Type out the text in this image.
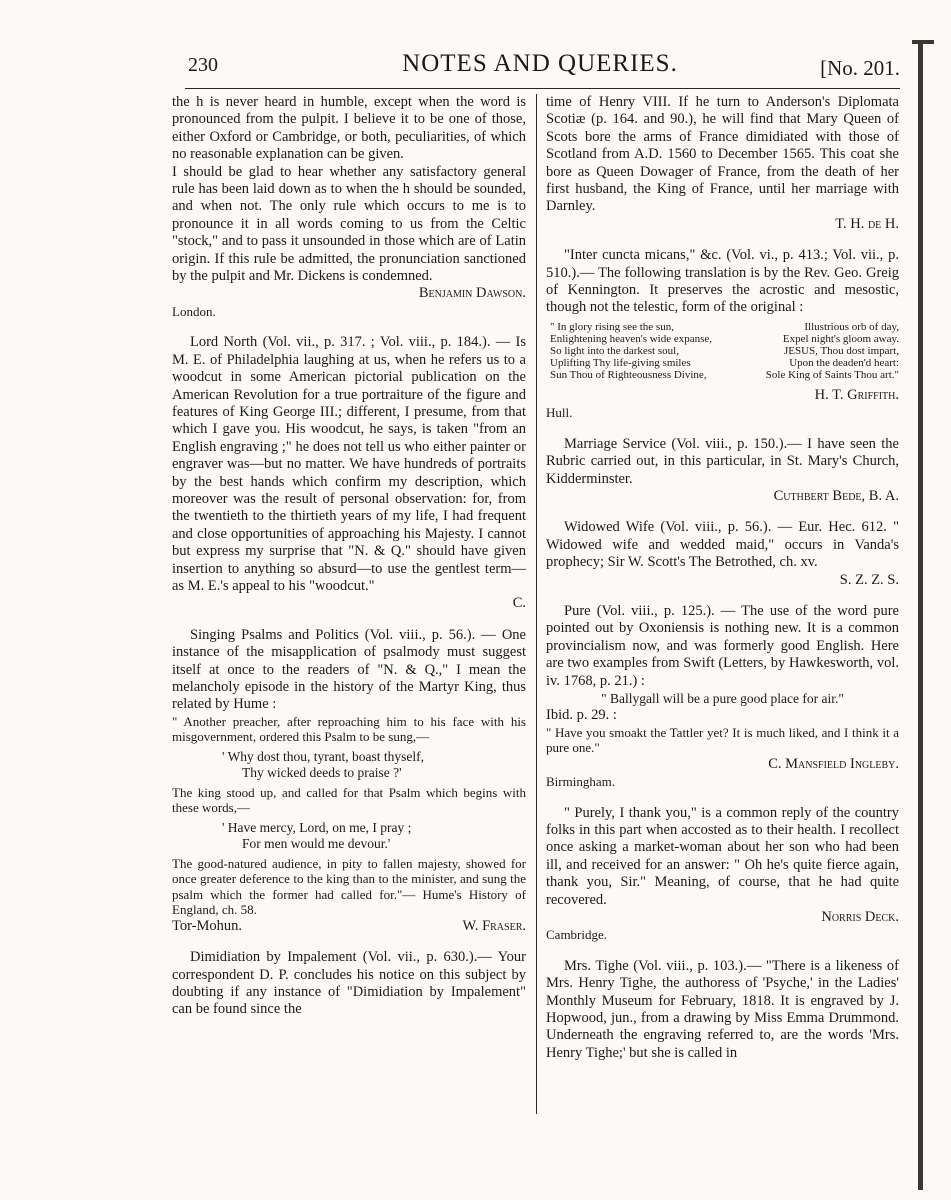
230	NOTES AND QUERIES.	[No. 201.

the h is never heard in humble, except when the word is pronounced from the pulpit. I believe it to be one of those, either Oxford or Cambridge, or both, peculiarities, of which no reasonable explanation can be given.

I should be glad to hear whether any satisfactory general rule has been laid down as to when the h should be sounded, and when not. The only rule which occurs to me is to pronounce it in all words coming to us from the Celtic "stock," and to pass it unsounded in those which are of Latin origin. If this rule be admitted, the pronunciation sanctioned by the pulpit and Mr. Dickens is condemned.

Benjamin Dawson.

London.

Lord North (Vol. vii., p. 317. ; Vol. viii., p. 184.). — Is M. E. of Philadelphia laughing at us, when he refers us to a woodcut in some American pictorial publication on the American Revolution for a true portraiture of the figure and features of King George III.; different, I presume, from that which I gave you. His woodcut, he says, is taken "from an English engraving ;" he does not tell us who either painter or engraver was—but no matter. We have hundreds of portraits by the best hands which confirm my description, which moreover was the result of personal observation: for, from the twentieth to the thirtieth years of my life, I had frequent and close opportunities of approaching his Majesty. I cannot but express my surprise that "N. & Q." should have given insertion to anything so absurd—to use the gentlest term—as M. E.'s appeal to his "woodcut."

C.

Singing Psalms and Politics (Vol. viii., p. 56.). — One instance of the misapplication of psalmody must suggest itself at once to the readers of "N. & Q.," I mean the melancholy episode in the history of the Martyr King, thus related by Hume :

" Another preacher, after reproaching him to his face with his misgovernment, ordered this Psalm to be sung,—

' Why dost thou, tyrant, boast thyself,
Thy wicked deeds to praise ?'

The king stood up, and called for that Psalm which begins with these words,—

' Have mercy, Lord, on me, I pray ;
For men would me devour.'

The good-natured audience, in pity to fallen majesty, showed for once greater deference to the king than to the minister, and sung the psalm which the former had called for."— Hume's History of England, ch. 58.

Tor-Mohun.	W. Fraser.

Dimidiation by Impalement (Vol. vii., p. 630.).— Your correspondent D. P. concludes his notice on this subject by doubting if any instance of "Dimidiation by Impalement" can be found since the

time of Henry VIII. If he turn to Anderson's Diplomata Scotiæ (p. 164. and 90.), he will find that Mary Queen of Scots bore the arms of France dimidiated with those of Scotland from A.D. 1560 to December 1565. This coat she bore as Queen Dowager of France, from the death of her first husband, the King of France, until her marriage with Darnley.

T. H. de H.

"Inter cuncta micans," &c. (Vol. vi., p. 413.; Vol. vii., p. 510.).— The following translation is by the Rev. Geo. Greig of Kennington. It preserves the acrostic and mesostic, though not the telestic, form of the original :

" In glory rising see the sun,	Illustrious orb of day,
Enlightening heaven's wide expanse,	Expel night's gloom away.
So light into the darkest soul,	JESUS, Thou dost impart,
Uplifting Thy life-giving smiles	Upon the deaden'd heart:
Sun Thou of Righteousness Divine,	Sole King of Saints Thou art."

H. T. Griffith.

Hull.

Marriage Service (Vol. viii., p. 150.).— I have seen the Rubric carried out, in this particular, in St. Mary's Church, Kidderminster.

Cuthbert Bede, B. A.

Widowed Wife (Vol. viii., p. 56.). — Eur. Hec. 612. " Widowed wife and wedded maid," occurs in Vanda's prophecy; Sir W. Scott's The Betrothed, ch. xv.

S. Z. Z. S.

Pure (Vol. viii., p. 125.). — The use of the word pure pointed out by Oxoniensis is nothing new. It is a common provincialism now, and was formerly good English. Here are two examples from Swift (Letters, by Hawkesworth, vol. iv. 1768, p. 21.) :

" Ballygall will be a pure good place for air."

Ibid. p. 29. :

" Have you smoakt the Tattler yet? It is much liked, and I think it a pure one."

C. Mansfield Ingleby.

Birmingham.

" Purely, I thank you," is a common reply of the country folks in this part when accosted as to their health. I recollect once asking a market-woman about her son who had been ill, and received for an answer: " Oh he's quite fierce again, thank you, Sir." Meaning, of course, that he had quite recovered.

Norris Deck.

Cambridge.

Mrs. Tighe (Vol. viii., p. 103.).— "There is a likeness of Mrs. Henry Tighe, the authoress of 'Psyche,' in the Ladies' Monthly Museum for February, 1818. It is engraved by J. Hopwood, jun., from a drawing by Miss Emma Drummond. Underneath the engraving referred to, are the words 'Mrs. Henry Tighe;' but she is called in
